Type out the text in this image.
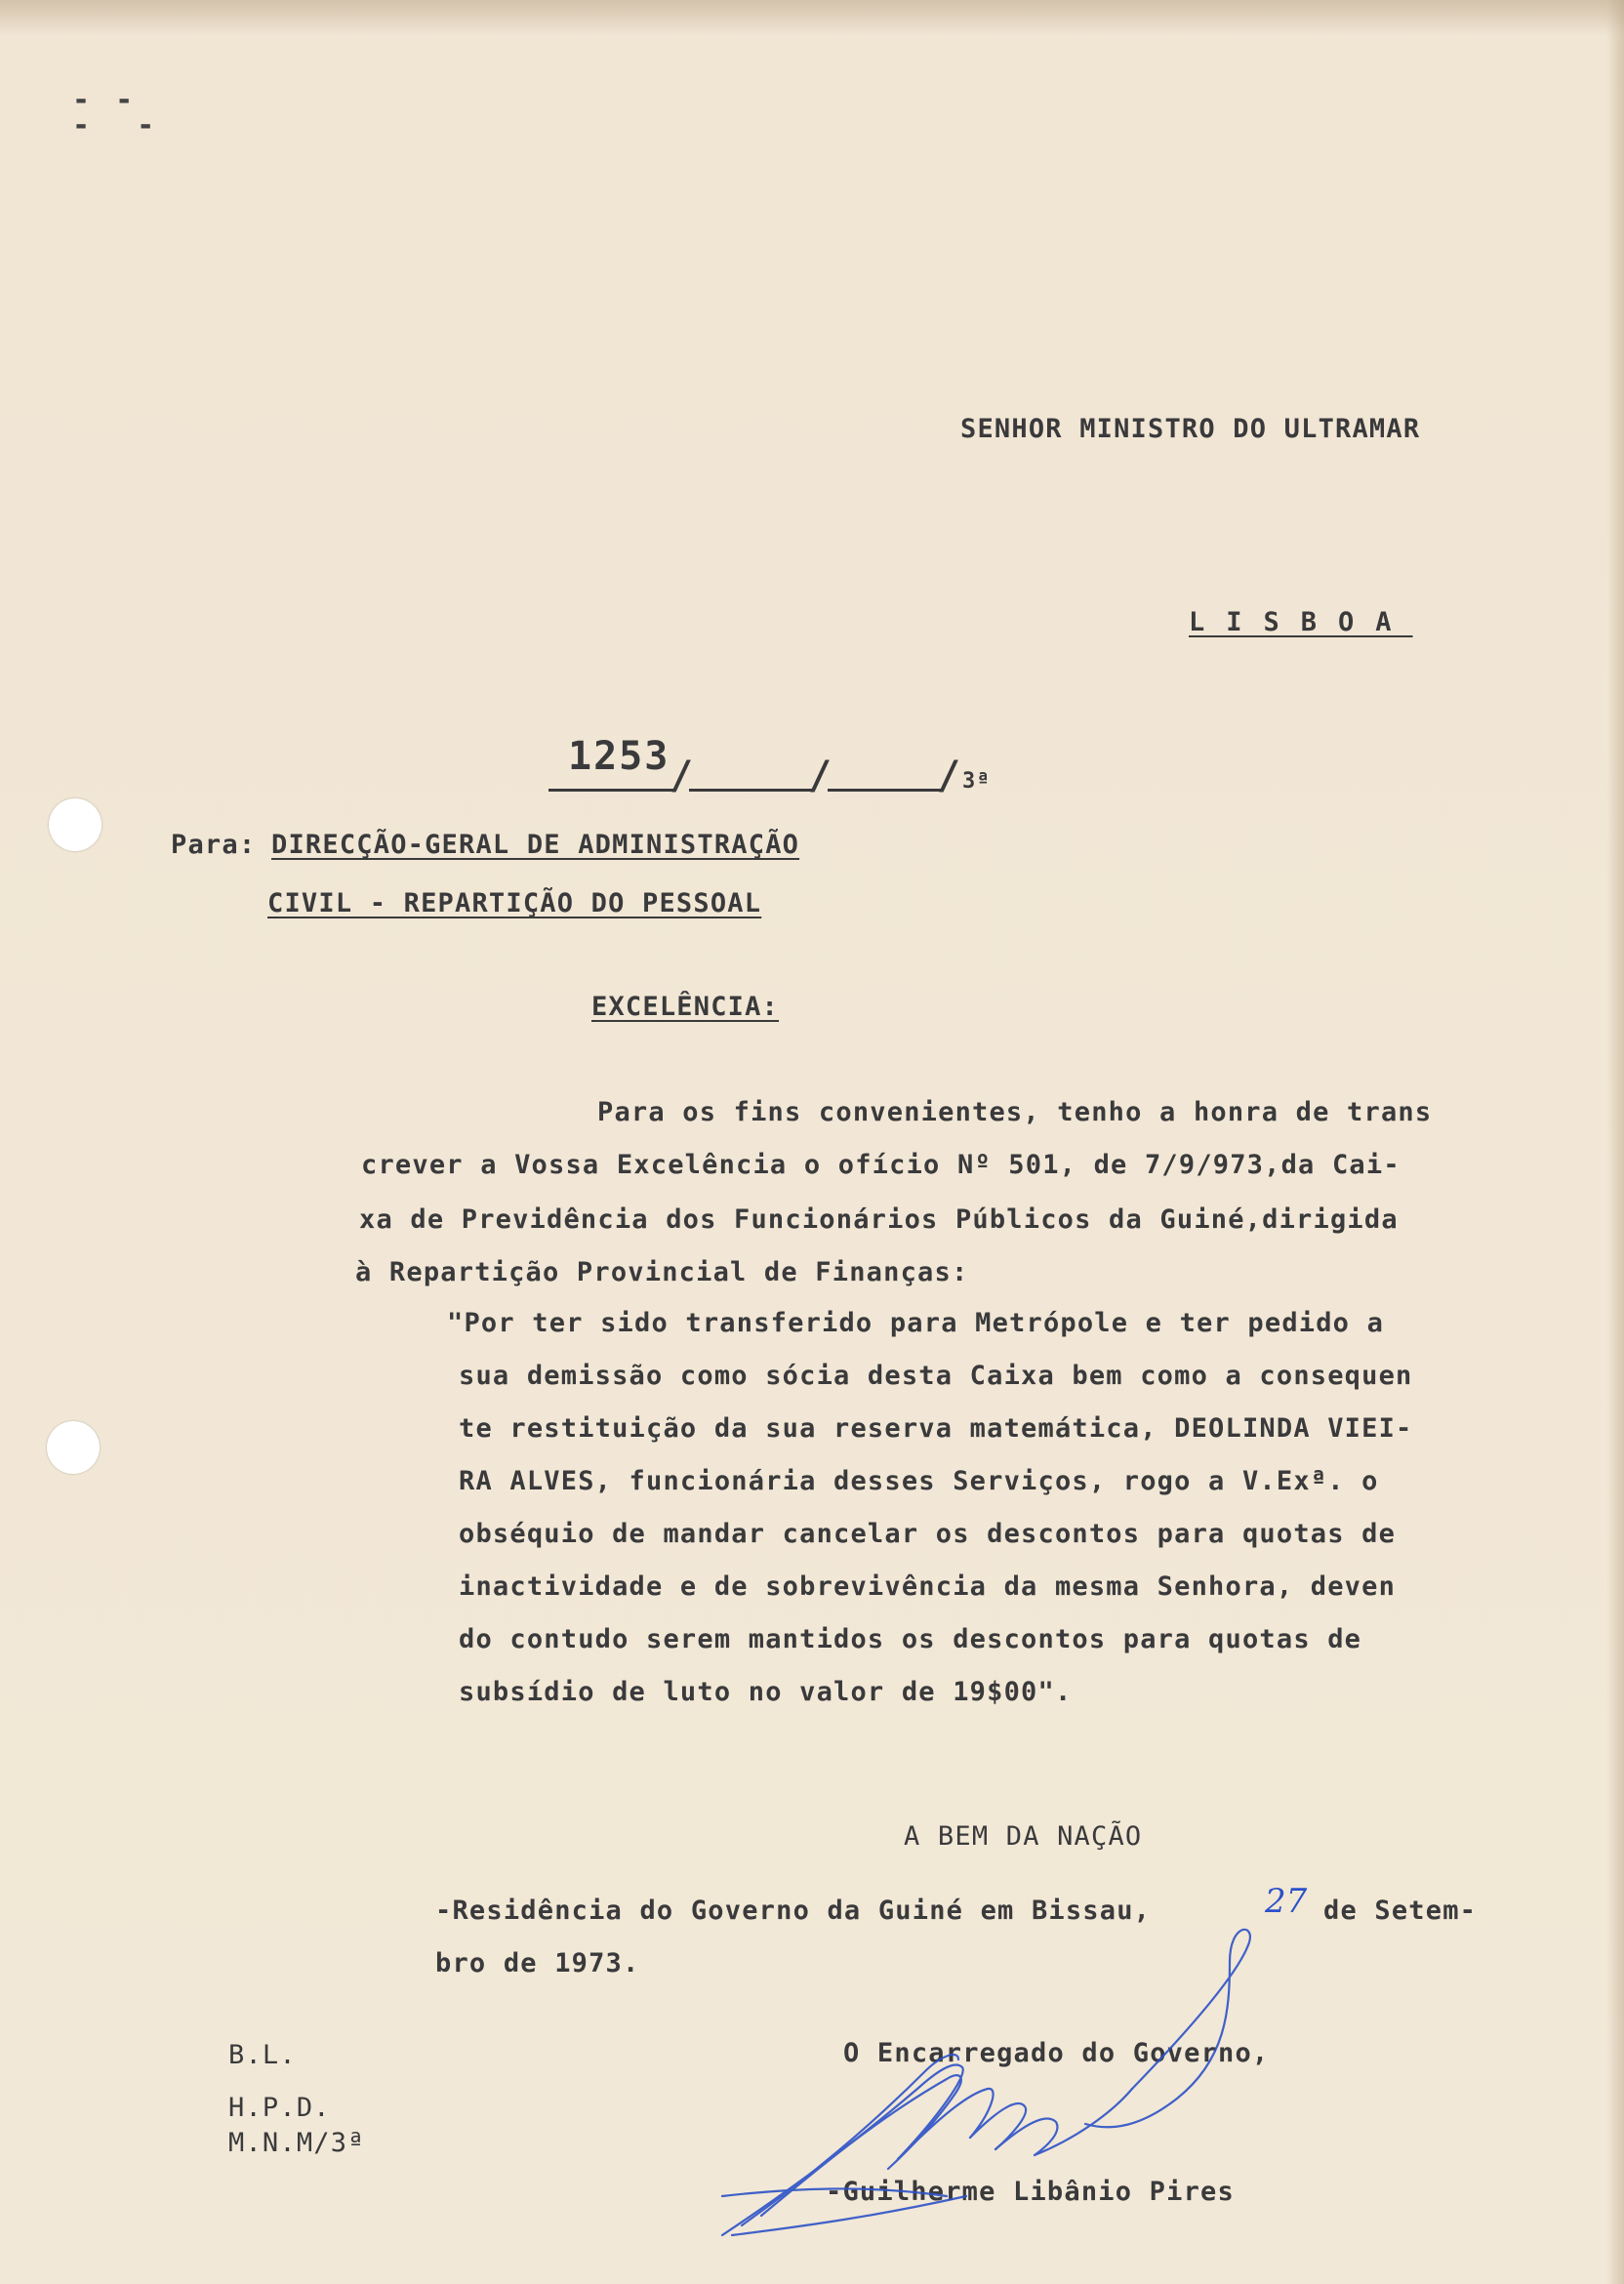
- -
-  -
SENHOR MINISTRO DO ULTRAMAR
LISBOA
1253 /	/	/ 3ª
Para: DIRECÇÃO-GERAL DE ADMINISTRAÇÃO
CIVIL - REPARTIÇÃO DO PESSOAL
EXCELÊNCIA:
Para os fins convenientes, tenho a honra de trans
crever a Vossa Excelência o ofício Nº 501, de 7/9/973,da Cai-
xa de Previdência dos Funcionários Públicos da Guiné,dirigida
à Repartição Provincial de Finanças:
"Por ter sido transferido para Metrópole e ter pedido a
sua demissão como sócia desta Caixa bem como a consequen
te restituição da sua reserva matemática, DEOLINDA VIEI-
RA ALVES, funcionária desses Serviços, rogo a V.Exª. o
obséquio de mandar cancelar os descontos para quotas de
inactividade e de sobrevivência da mesma Senhora, deven
do contudo serem mantidos os descontos para quotas de
subsídio de luto no valor de 19$00".
A BEM DA NAÇÃO
-Residência do Governo da Guiné em Bissau,	27 de Setem-
bro de 1973.
B.L.
H.P.D.
M.N.M/3ª
O Encarregado do Governo,
-Guilherme Libânio Pires
